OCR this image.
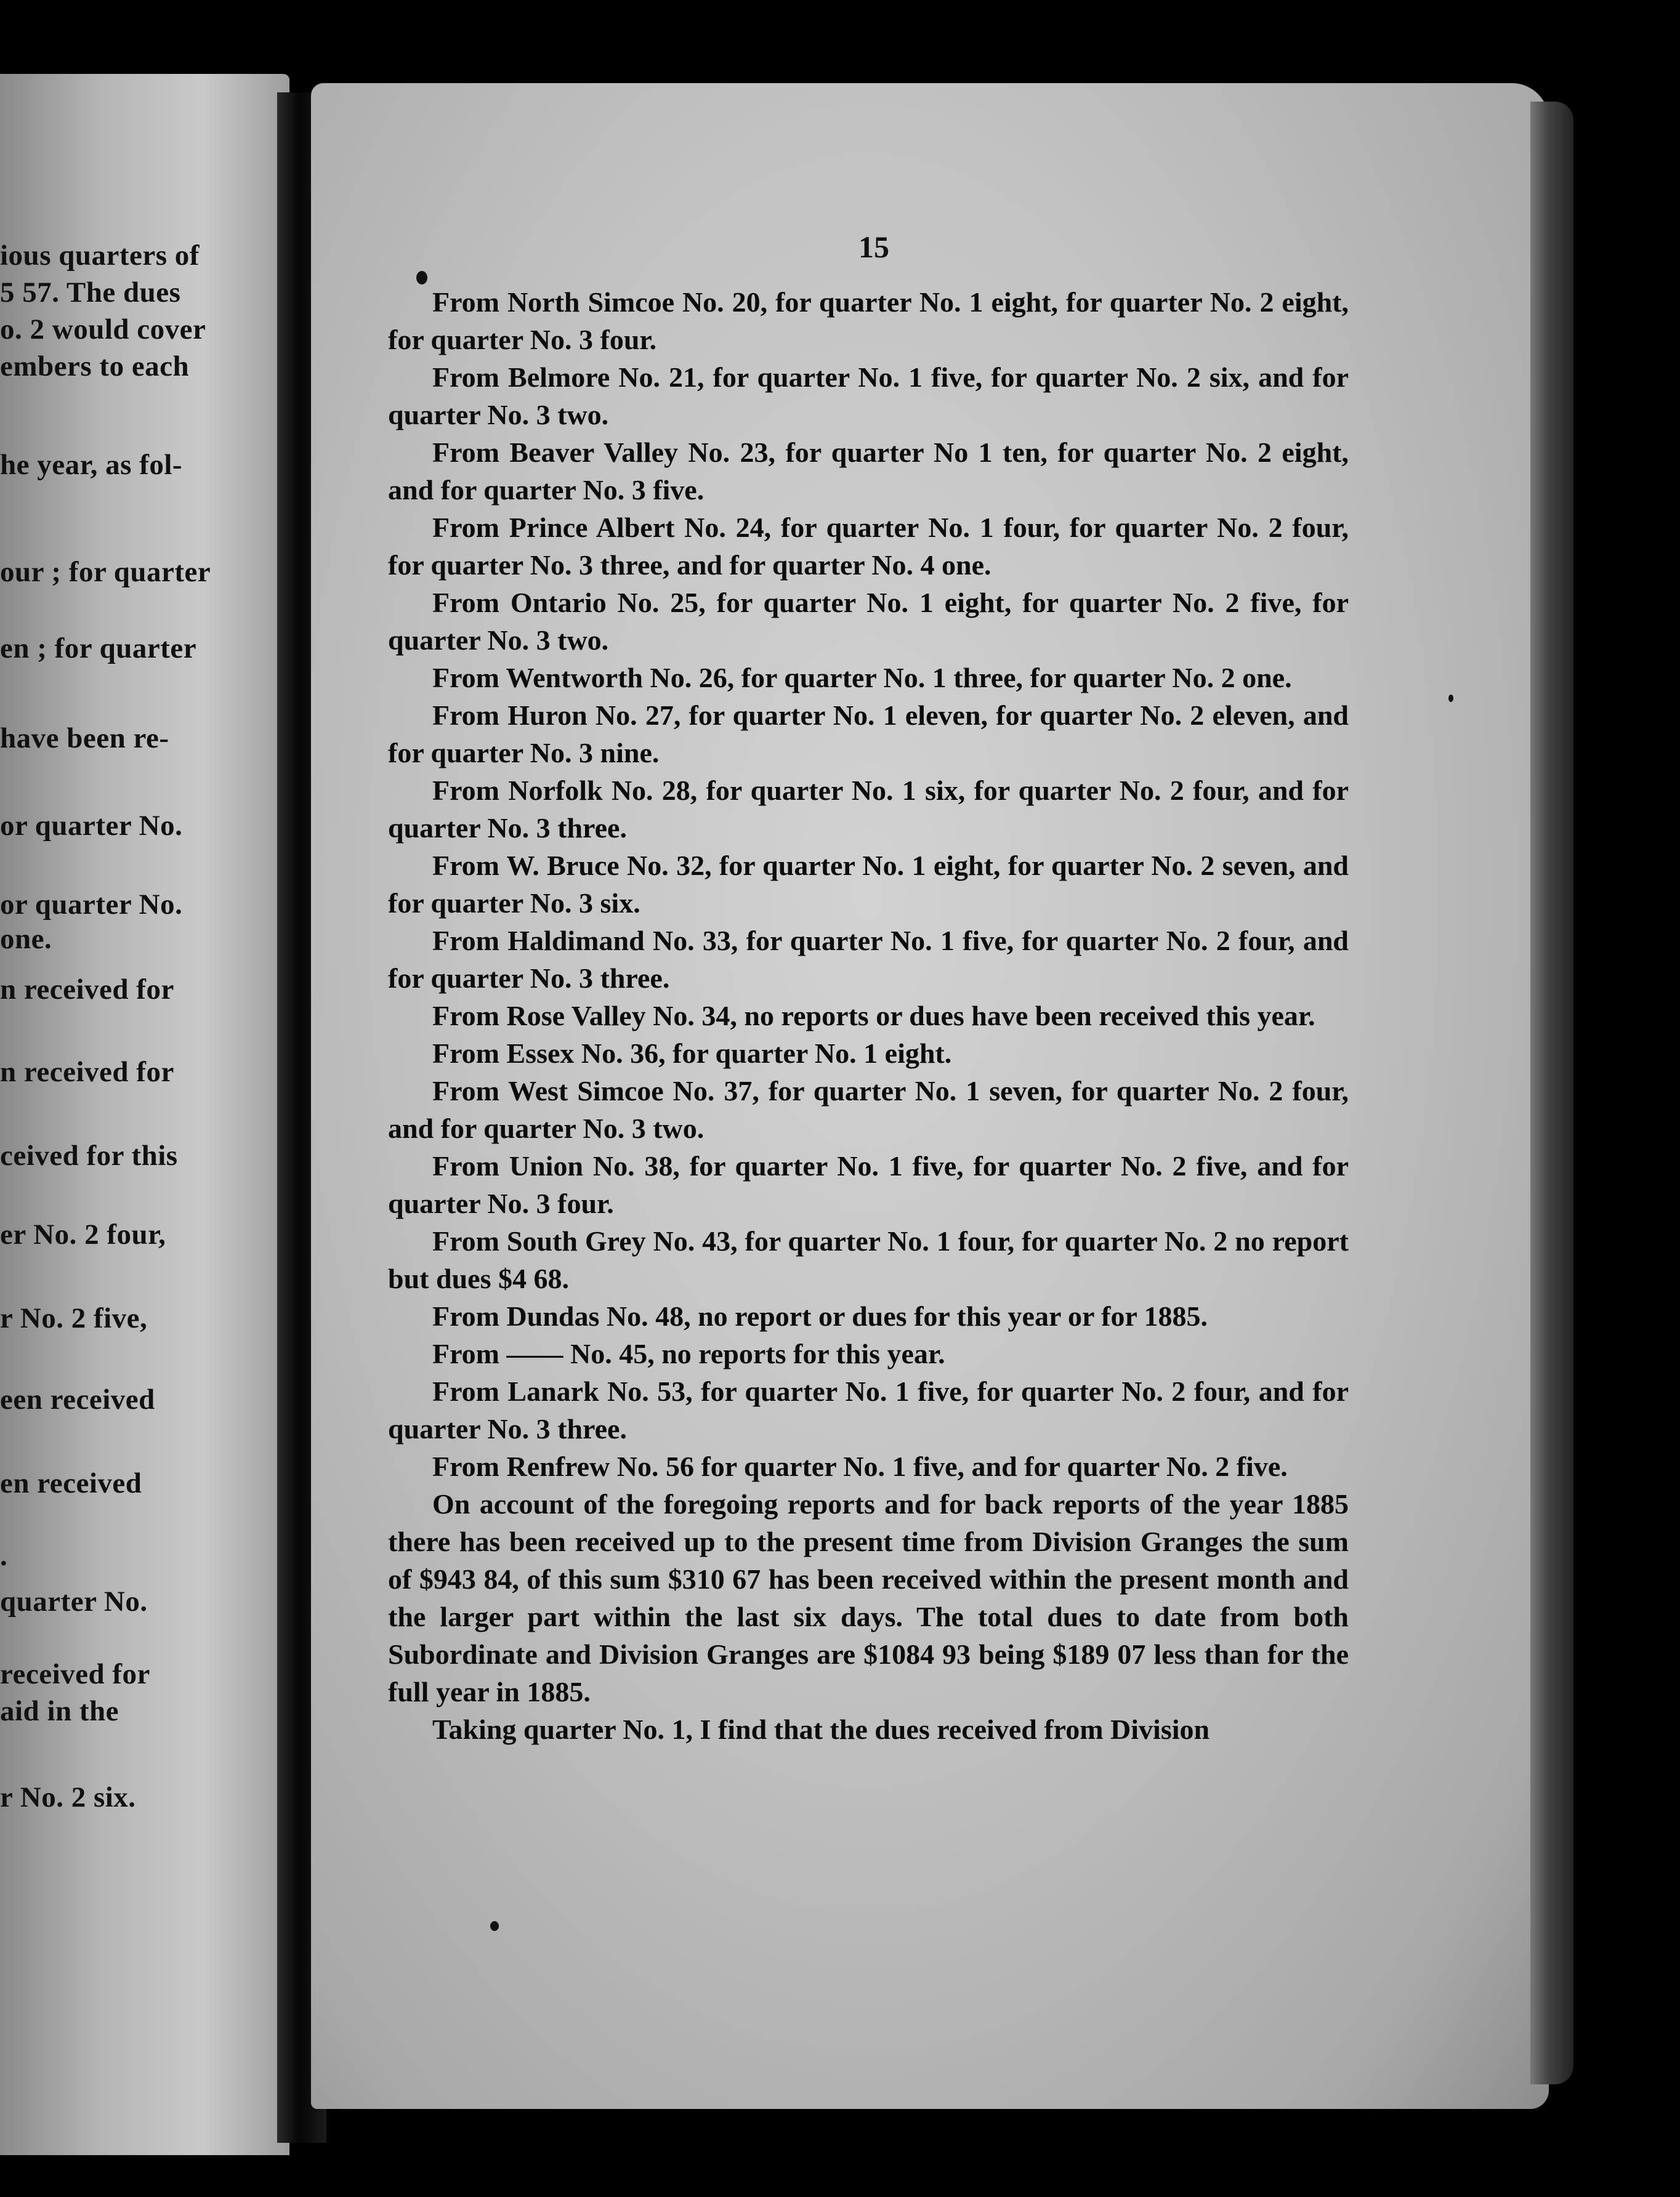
ious quarters of
5 57. The dues
o. 2 would cover
embers to each
he year, as fol-
our ; for quarter
en ; for quarter
have been re-
or quarter No.
or quarter No.
one.
n received for
n received for
ceived for this
er No. 2 four,
r No. 2 five,
een received
en received
.
quarter No.
received for
aid in the
r No. 2 six.
15

From North Simcoe No. 20, for quarter No. 1 eight, for quarter No. 2 eight, for quarter No. 3 four.

From Belmore No. 21, for quarter No. 1 five, for quarter No. 2 six, and for quarter No. 3 two.

From Beaver Valley No. 23, for quarter No 1 ten, for quarter No. 2 eight, and for quarter No. 3 five.

From Prince Albert No. 24, for quarter No. 1 four, for quarter No. 2 four, for quarter No. 3 three, and for quarter No. 4 one.

From Ontario No. 25, for quarter No. 1 eight, for quarter No. 2 five, for quarter No. 3 two.

From Wentworth No. 26, for quarter No. 1 three, for quarter No. 2 one.

From Huron No. 27, for quarter No. 1 eleven, for quarter No. 2 eleven, and for quarter No. 3 nine.

From Norfolk No. 28, for quarter No. 1 six, for quarter No. 2 four, and for quarter No. 3 three.

From W. Bruce No. 32, for quarter No. 1 eight, for quarter No. 2 seven, and for quarter No. 3 six.

From Haldimand No. 33, for quarter No. 1 five, for quarter No. 2 four, and for quarter No. 3 three.

From Rose Valley No. 34, no reports or dues have been received this year.

From Essex No. 36, for quarter No. 1 eight.

From West Simcoe No. 37, for quarter No. 1 seven, for quarter No. 2 four, and for quarter No. 3 two.

From Union No. 38, for quarter No. 1 five, for quarter No. 2 five, and for quarter No. 3 four.

From South Grey No. 43, for quarter No. 1 four, for quarter No. 2 no report but dues $4 68.

From Dundas No. 48, no report or dues for this year or for 1885.

From —— No. 45, no reports for this year.

From Lanark No. 53, for quarter No. 1 five, for quarter No. 2 four, and for quarter No. 3 three.

From Renfrew No. 56 for quarter No. 1 five, and for quarter No. 2 five.

On account of the foregoing reports and for back reports of the year 1885 there has been received up to the present time from Division Granges the sum of $943 84, of this sum $310 67 has been received within the present month and the larger part within the last six days. The total dues to date from both Subordinate and Division Granges are $1084 93 being $189 07 less than for the full year in 1885.

Taking quarter No. 1, I find that the dues received from Division
